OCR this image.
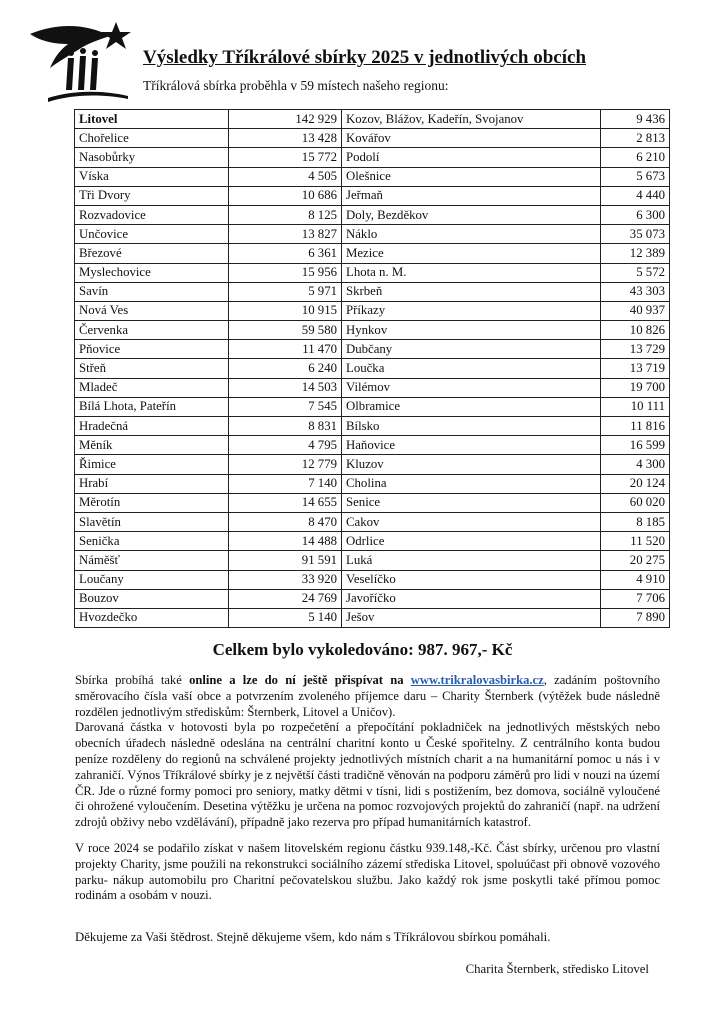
Výsledky Tříkrálové sbírky 2025 v jednotlivých obcích
Tříkrálová sbírka proběhla v 59 místech našeho regionu:
Litovel	142 929	Kozov, Blážov, Kadeřín, Svojanov	9 436
Chořelice	13 428	Kovářov	2 813
Nasobůrky	15 772	Podolí	6 210
Víska	4 505	Olešnice	5 673
Tři Dvory	10 686	Jeřmaň	4 440
Rozvadovice	8 125	Doly, Bezděkov	6 300
Unčovice	13 827	Náklo	35 073
Březové	6 361	Mezice	12 389
Myslechovice	15 956	Lhota n. M.	5 572
Savín	5 971	Skrbeň	43 303
Nová Ves	10 915	Příkazy	40 937
Červenka	59 580	Hynkov	10 826
Pňovice	11 470	Dubčany	13 729
Střeň	6 240	Loučka	13 719
Mladeč	14 503	Vilémov	19 700
Bílá Lhota, Pateřín	7 545	Olbramice	10 111
Hradečná	8 831	Bílsko	11 816
Měník	4 795	Haňovice	16 599
Řimice	12 779	Kluzov	4 300
Hrabí	7 140	Cholina	20 124
Měrotín	14 655	Senice	60 020
Slavětín	8 470	Cakov	8 185
Senička	14 488	Odrlice	11 520
Náměšť	91 591	Luká	20 275
Loučany	33 920	Veselíčko	4 910
Bouzov	24 769	Javoříčko	7 706
Hvozdečko	5 140	Ješov	7 890
Celkem bylo vykoledováno: 987. 967,- Kč

Sbírka probíhá také online a lze do ní ještě přispívat na www.trikralovasbirka.cz, zadáním poštovního směrovacího čísla vaší obce a potvrzením zvoleného příjemce daru – Charity Šternberk (výtěžek bude následně rozdělen jednotlivým střediskům: Šternberk, Litovel a Uničov).

Darovaná částka v hotovosti byla po rozpečetění a přepočítání pokladniček na jednotlivých městských nebo obecních úřadech následně odeslána na centrální charitní konto u České spořitelny. Z centrálního konta budou peníze rozděleny do regionů na schválené projekty jednotlivých místních charit a na humanitární pomoc u nás i v zahraničí. Výnos Tříkrálové sbírky je z největší části tradičně věnován na podporu záměrů pro lidi v nouzi na území ČR. Jde o různé formy pomoci pro seniory, matky dětmi v tísni, lidi s postižením, bez domova, sociálně vyloučené či ohrožené vyloučením. Desetina výtěžku je určena na pomoc rozvojových projektů do zahraničí (např. na udržení zdrojů obživy nebo vzdělávání), případně jako rezerva pro případ humanitárních katastrof.

V roce 2024 se podařilo získat v našem litovelském regionu částku 939.148,-Kč. Část sbírky, určenou pro vlastní projekty Charity, jsme použili na rekonstrukci sociálního zázemí střediska Litovel, spoluúčast při obnově vozového parku- nákup automobilu pro Charitní pečovatelskou službu. Jako každý rok jsme poskytli také přímou pomoc rodinám a osobám v nouzi.

Děkujeme za Vaši štědrost. Stejně děkujeme všem, kdo nám s Tříkrálovou sbírkou pomáhali.
Charita Šternberk, středisko Litovel
